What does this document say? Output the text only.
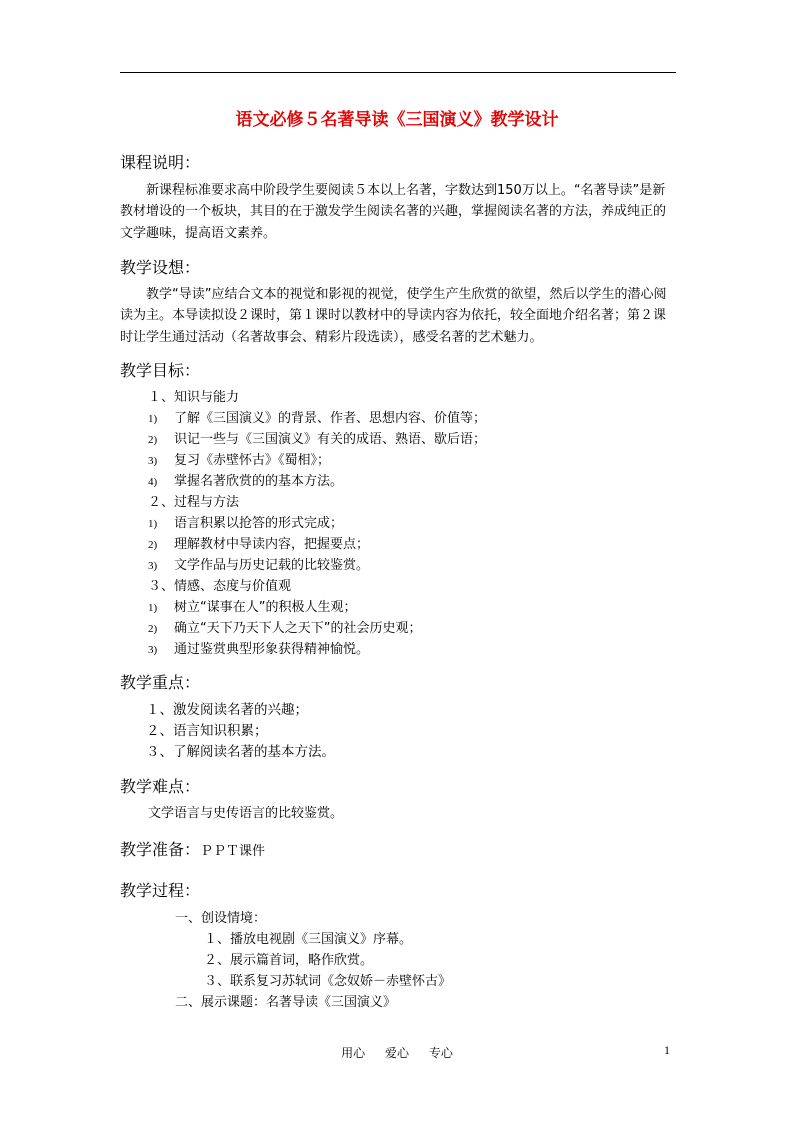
语文必修５名著导读《三国演义》教学设计
课程说明：

新课程标准要求高中阶段学生要阅读５本以上名著，字数达到150万以上。“名著导读”是新教材增设的一个板块，其目的在于激发学生阅读名著的兴趣，掌握阅读名著的方法，养成纯正的文学趣味，提高语文素养。

教学设想：

教学“导读”应结合文本的视觉和影视的视觉，使学生产生欣赏的欲望，然后以学生的潜心阅读为主。本导读拟设２课时，第１课时以教材中的导读内容为依托，较全面地介绍名著；第２课时让学生通过活动（名著故事会、精彩片段选读），感受名著的艺术魅力。

教学目标：
１、知识与能力
1) 了解《三国演义》的背景、作者、思想内容、价值等；
2) 识记一些与《三国演义》有关的成语、熟语、歇后语；
3) 复习《赤壁怀古》《蜀相》；
4) 掌握名著欣赏的的基本方法。
２、过程与方法
1) 语言积累以抢答的形式完成；
2) 理解教材中导读内容，把握要点；
3) 文学作品与历史记载的比较鉴赏。
３、情感、态度与价值观
1) 树立“谋事在人”的积极人生观；
2) 确立“天下乃天下人之天下”的社会历史观；
3) 通过鉴赏典型形象获得精神愉悦。
教学重点：
１、激发阅读名著的兴趣；
２、语言知识积累；
３、了解阅读名著的基本方法。
教学难点：
文学语言与史传语言的比较鉴赏。
教学准备：ＰＰＴ课件
教学过程：
一、创设情境：
１、播放电视剧《三国演义》序幕。
２、展示篇首词，略作欣赏。
３、联系复习苏轼词《念奴娇－赤壁怀古》
二、展示课题：名著导读《三国演义》
用心 爱心 专心	1
